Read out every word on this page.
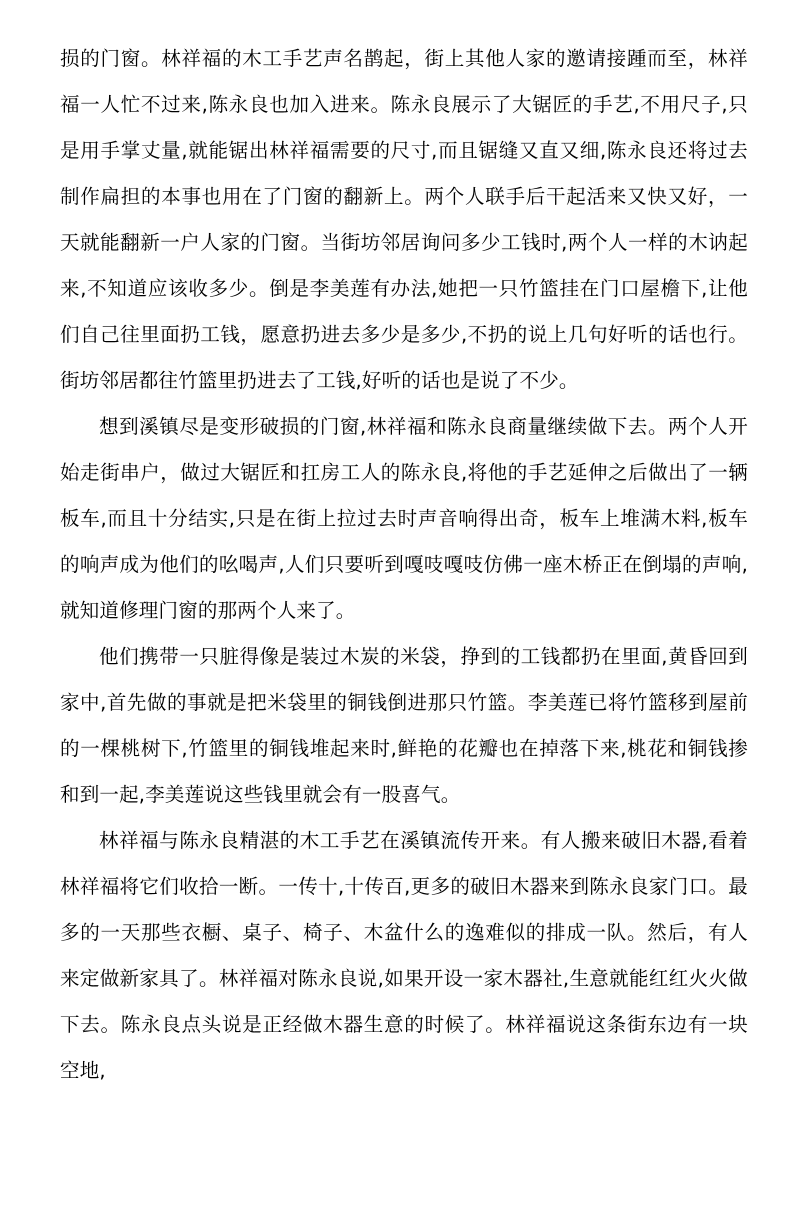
损的门窗。林祥福的木工手艺声名鹊起，街上其他人家的邀请接踵而至，林祥福一人忙不过来,陈永良也加入进来。陈永良展示了大锯匠的手艺,不用尺子,只是用手掌丈量,就能锯出林祥福需要的尺寸,而且锯缝又直又细,陈永良还将过去制作扁担的本事也用在了门窗的翻新上。两个人联手后干起活来又快又好，一天就能翻新一户人家的门窗。当街坊邻居询问多少工钱时,两个人一样的木讷起来,不知道应该收多少。倒是李美莲有办法,她把一只竹篮挂在门口屋檐下,让他们自己往里面扔工钱，愿意扔进去多少是多少,不扔的说上几句好听的话也行。街坊邻居都往竹篮里扔进去了工钱,好听的话也是说了不少。

想到溪镇尽是变形破损的门窗,林祥福和陈永良商量继续做下去。两个人开始走街串户，做过大锯匠和扛房工人的陈永良,将他的手艺延伸之后做出了一辆板车,而且十分结实,只是在街上拉过去时声音响得出奇，板车上堆满木料,板车的响声成为他们的吆喝声,人们只要听到嘎吱嘎吱仿佛一座木桥正在倒塌的声响,就知道修理门窗的那两个人来了。

他们携带一只脏得像是装过木炭的米袋，挣到的工钱都扔在里面,黄昏回到家中,首先做的事就是把米袋里的铜钱倒进那只竹篮。李美莲已将竹篮移到屋前的一棵桃树下,竹篮里的铜钱堆起来时,鲜艳的花瓣也在掉落下来,桃花和铜钱掺和到一起,李美莲说这些钱里就会有一股喜气。

林祥福与陈永良精湛的木工手艺在溪镇流传开来。有人搬来破旧木器,看着林祥福将它们收拾一断。一传十,十传百,更多的破旧木器来到陈永良家门口。最多的一天那些衣橱、桌子、椅子、木盆什么的逸难似的排成一队。然后，有人来定做新家具了。林祥福对陈永良说,如果开设一家木器社,生意就能红红火火做下去。陈永良点头说是正经做木器生意的时候了。林祥福说这条街东边有一块空地,
